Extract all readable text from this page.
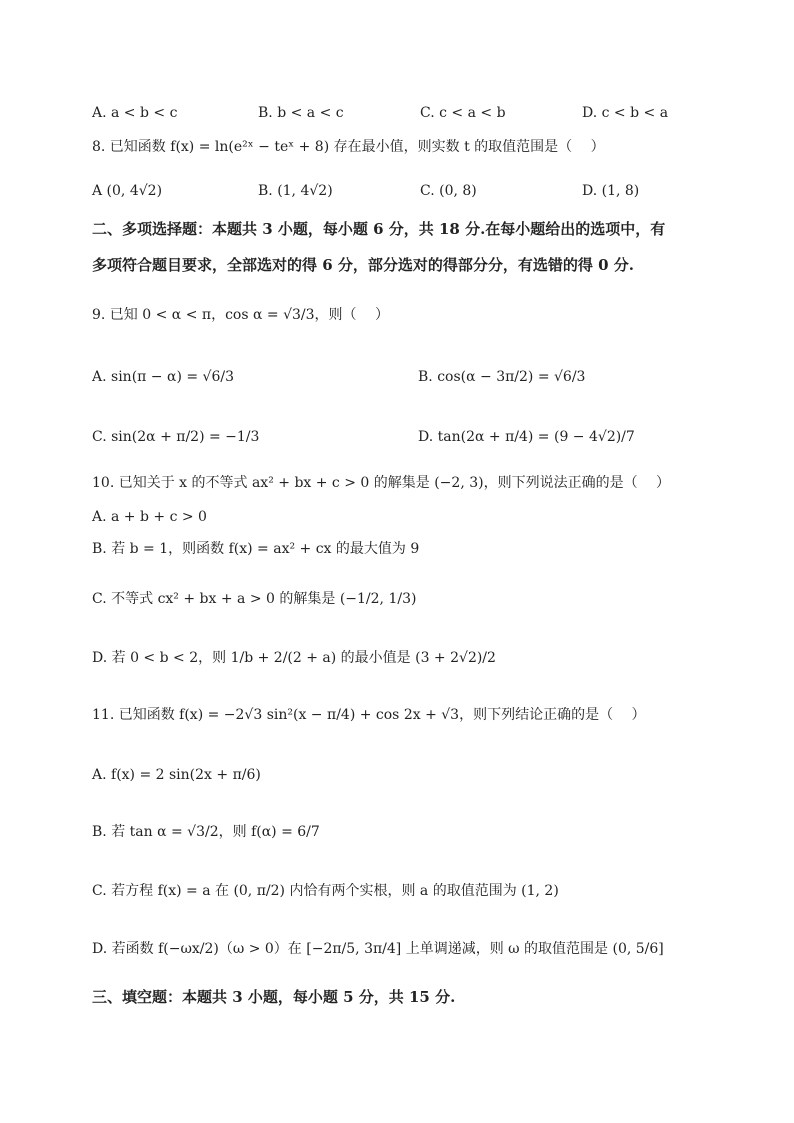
A. a < b < c	B. b < a < c	C. c < a < b	D. c < b < a
8. 已知函数 f(x) = ln(e²ˣ − teˣ + 8) 存在最小值，则实数 t 的取值范围是（　 ）
A (0, 4√2)	B. (1, 4√2)	C. (0, 8)	D. (1, 8)
二、多项选择题：本题共 3 小题，每小题 6 分，共 18 分.在每小题给出的选项中，有
多项符合题目要求，全部选对的得 6 分，部分选对的得部分分，有选错的得 0 分.
9. 已知 0 < α < π，cos α = √3/3，则（　 ）
A. sin(π − α) = √6/3	B. cos(α − 3π/2) = √6/3
C. sin(2α + π/2) = −1/3	D. tan(2α + π/4) = (9 − 4√2)/7
10. 已知关于 x 的不等式 ax² + bx + c > 0 的解集是 (−2, 3)，则下列说法正确的是（　 ）
A. a + b + c > 0
B. 若 b = 1，则函数 f(x) = ax² + cx 的最大值为 9
C. 不等式 cx² + bx + a > 0 的解集是 (−1/2, 1/3)
D. 若 0 < b < 2，则 1/b + 2/(2 + a) 的最小值是 (3 + 2√2)/2
11. 已知函数 f(x) = −2√3 sin²(x − π/4) + cos 2x + √3，则下列结论正确的是（　 ）
A. f(x) = 2 sin(2x + π/6)
B. 若 tan α = √3/2，则 f(α) = 6/7
C. 若方程 f(x) = a 在 (0, π/2) 内恰有两个实根，则 a 的取值范围为 (1, 2)
D. 若函数 f(−ωx/2)（ω > 0）在 [−2π/5, 3π/4] 上单调递减，则 ω 的取值范围是 (0, 5/6]
三、填空题：本题共 3 小题，每小题 5 分，共 15 分.
